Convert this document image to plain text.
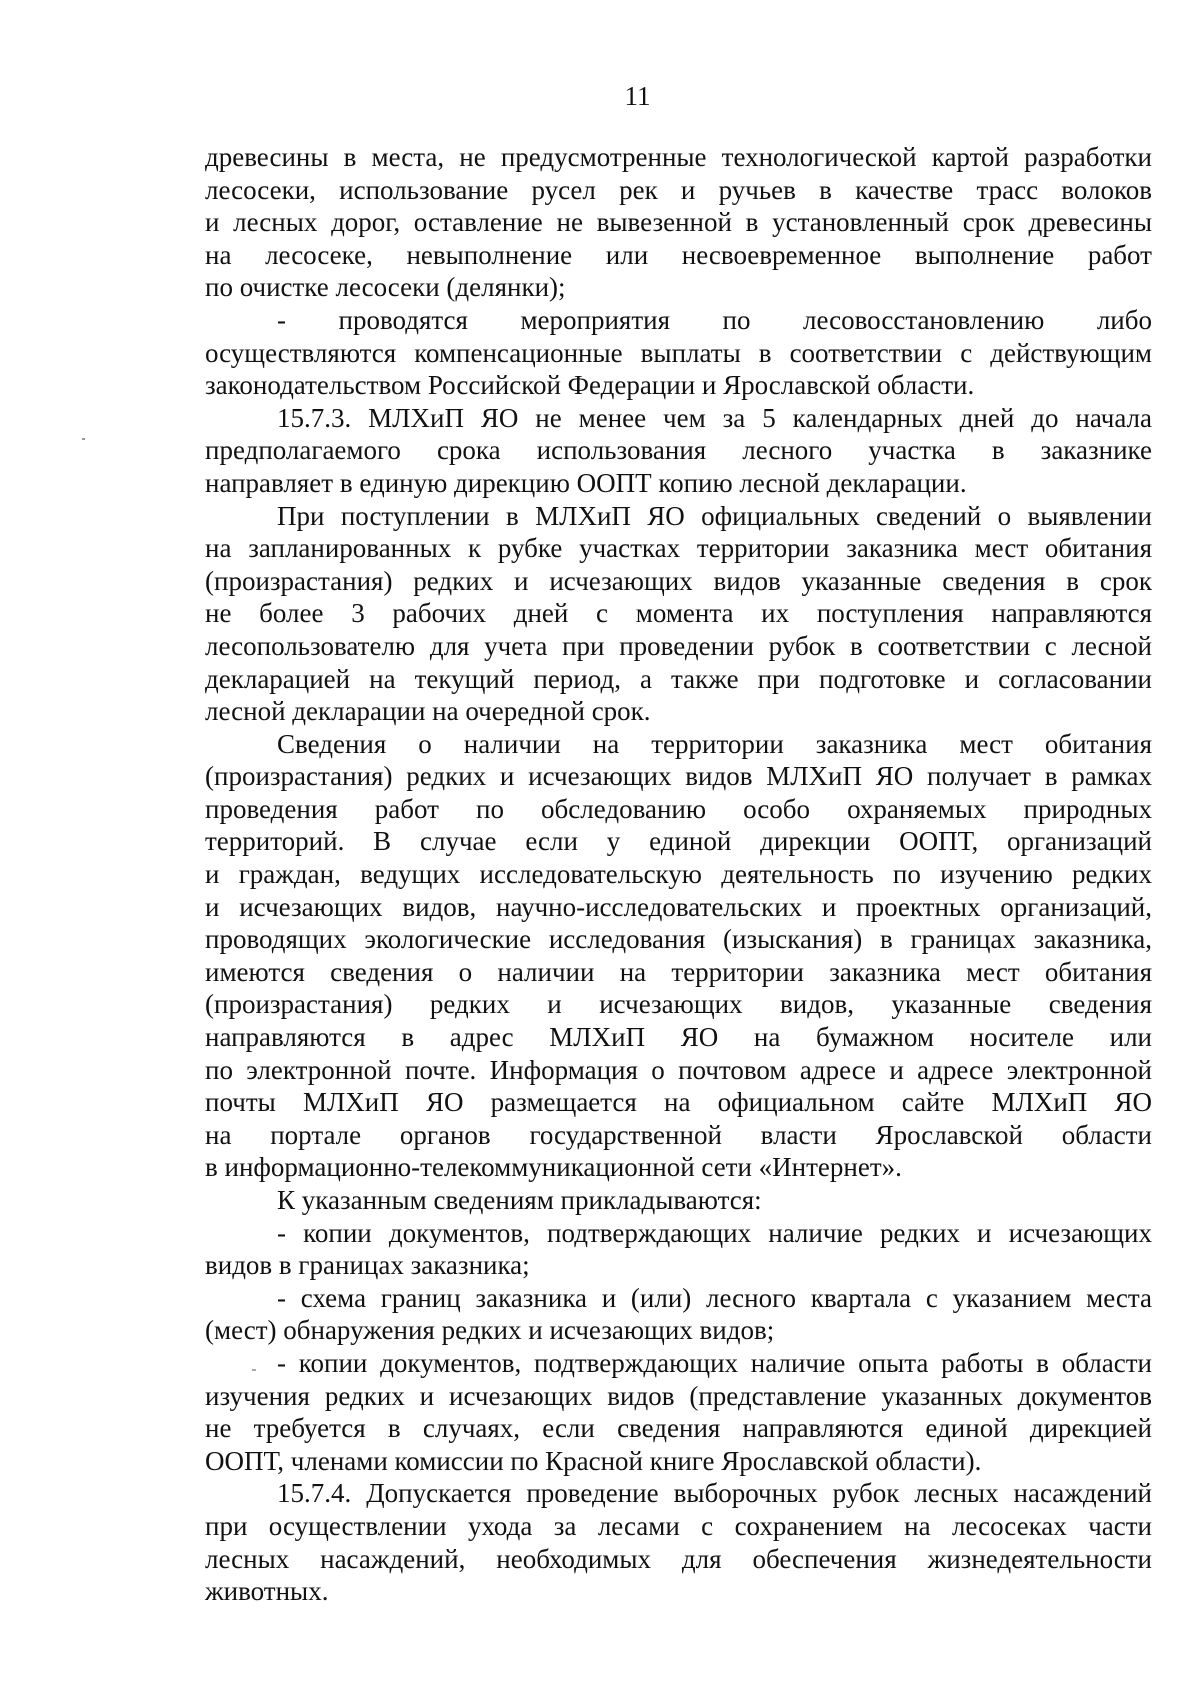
11

древесины в места, не предусмотренные технологической картой разработки
лесосеки, использование русел рек и ручьев в качестве трасс волоков
и лесных дорог, оставление не вывезенной в установленный срок древесины
на лесосеке, невыполнение или несвоевременное выполнение работ
по очистке лесосеки (делянки);

- проводятся мероприятия по лесовосстановлению либо
осуществляются компенсационные выплаты в соответствии с действующим
законодательством Российской Федерации и Ярославской области.

15.7.3. МЛХиП ЯО не менее чем за 5 календарных дней до начала
предполагаемого срока использования лесного участка в заказнике
направляет в единую дирекцию ООПТ копию лесной декларации.

При поступлении в МЛХиП ЯО официальных сведений о выявлении
на запланированных к рубке участках территории заказника мест обитания
(произрастания) редких и исчезающих видов указанные сведения в срок
не более 3 рабочих дней с момента их поступления направляются
лесопользователю для учета при проведении рубок в соответствии с лесной
декларацией на текущий период, а также при подготовке и согласовании
лесной декларации на очередной срок.

Сведения о наличии на территории заказника мест обитания
(произрастания) редких и исчезающих видов МЛХиП ЯО получает в рамках
проведения работ по обследованию особо охраняемых природных
территорий. В случае если у единой дирекции ООПТ, организаций
и граждан, ведущих исследовательскую деятельность по изучению редких
и исчезающих видов, научно-исследовательских и проектных организаций,
проводящих экологические исследования (изыскания) в границах заказника,
имеются сведения о наличии на территории заказника мест обитания
(произрастания) редких и исчезающих видов, указанные сведения
направляются в адрес МЛХиП ЯО на бумажном носителе или
по электронной почте. Информация о почтовом адресе и адресе электронной
почты МЛХиП ЯО размещается на официальном сайте МЛХиП ЯО
на портале органов государственной власти Ярославской области
в информационно-телекоммуникационной сети «Интернет».

К указанным сведениям прикладываются:

- копии документов, подтверждающих наличие редких и исчезающих
видов в границах заказника;

- схема границ заказника и (или) лесного квартала с указанием места
(мест) обнаружения редких и исчезающих видов;

- копии документов, подтверждающих наличие опыта работы в области
изучения редких и исчезающих видов (представление указанных документов
не требуется в случаях, если сведения направляются единой дирекцией
ООПТ, членами комиссии по Красной книге Ярославской области).

15.7.4. Допускается проведение выборочных рубок лесных насаждений
при осуществлении ухода за лесами с сохранением на лесосеках части
лесных насаждений, необходимых для обеспечения жизнедеятельности
животных.
